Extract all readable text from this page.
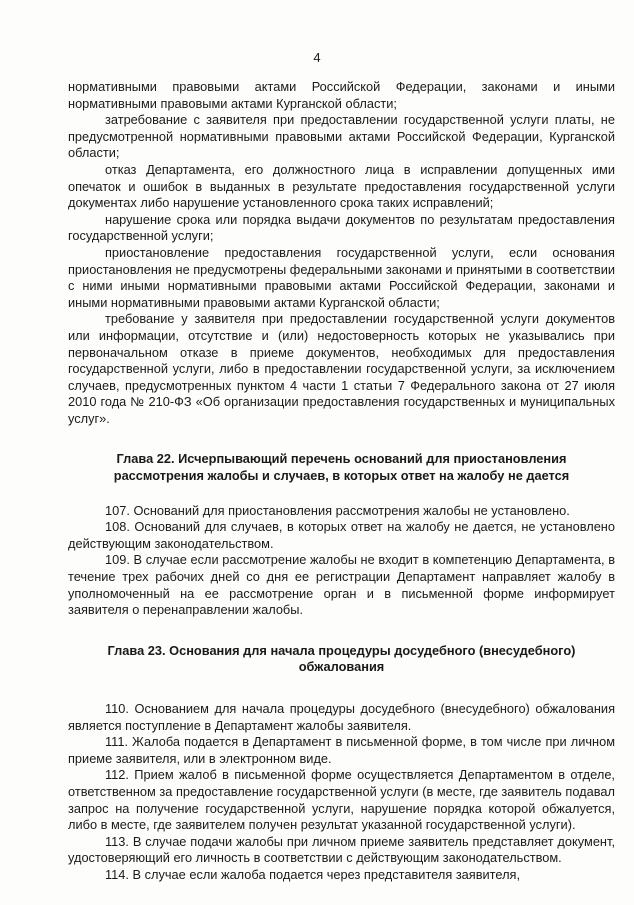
4

нормативными правовыми актами Российской Федерации, законами и иными нормативными правовыми актами Курганской области;

затребование с заявителя при предоставлении государственной услуги платы, не предусмотренной нормативными правовыми актами Российской Федерации, Курганской области;

отказ Департамента, его должностного лица в исправлении допущенных ими опечаток и ошибок в выданных в результате предоставления государственной услуги документах либо нарушение установленного срока таких исправлений;

нарушение срока или порядка выдачи документов по результатам предоставления государственной услуги;

приостановление предоставления государственной услуги, если основания приостановления не предусмотрены федеральными законами и принятыми в соответствии с ними иными нормативными правовыми актами Российской Федерации, законами и иными нормативными правовыми актами Курганской области;

требование у заявителя при предоставлении государственной услуги документов или информации, отсутствие и (или) недостоверность которых не указывались при первоначальном отказе в приеме документов, необходимых для предоставления государственной услуги, либо в предоставлении государственной услуги, за исключением случаев, предусмотренных пунктом 4 части 1 статьи 7 Федерального закона от 27 июля 2010 года № 210-ФЗ «Об организации предоставления государственных и муниципальных услуг».

Глава 22. Исчерпывающий перечень оснований для приостановления
рассмотрения жалобы и случаев, в которых ответ на жалобу не дается

107. Оснований для приостановления рассмотрения жалобы не установлено.

108. Оснований для случаев, в которых ответ на жалобу не дается, не установлено действующим законодательством.

109. В случае если рассмотрение жалобы не входит в компетенцию Департамента, в течение трех рабочих дней со дня ее регистрации Департамент направляет жалобу в уполномоченный на ее рассмотрение орган и в письменной форме информирует заявителя о перенаправлении жалобы.

Глава 23. Основания для начала процедуры досудебного (внесудебного)
обжалования

110. Основанием для начала процедуры досудебного (внесудебного) обжалования является поступление в Департамент жалобы заявителя.

111. Жалоба подается в Департамент в письменной форме, в том числе при личном приеме заявителя, или в электронном виде.

112. Прием жалоб в письменной форме осуществляется Департаментом в отделе, ответственном за предоставление государственной услуги (в месте, где заявитель подавал запрос на получение государственной услуги, нарушение порядка которой обжалуется, либо в месте, где заявителем получен результат указанной государственной услуги).

113. В случае подачи жалобы при личном приеме заявитель представляет документ, удостоверяющий его личность в соответствии с действующим законодательством.

114. В случае если жалоба подается через представителя заявителя,
